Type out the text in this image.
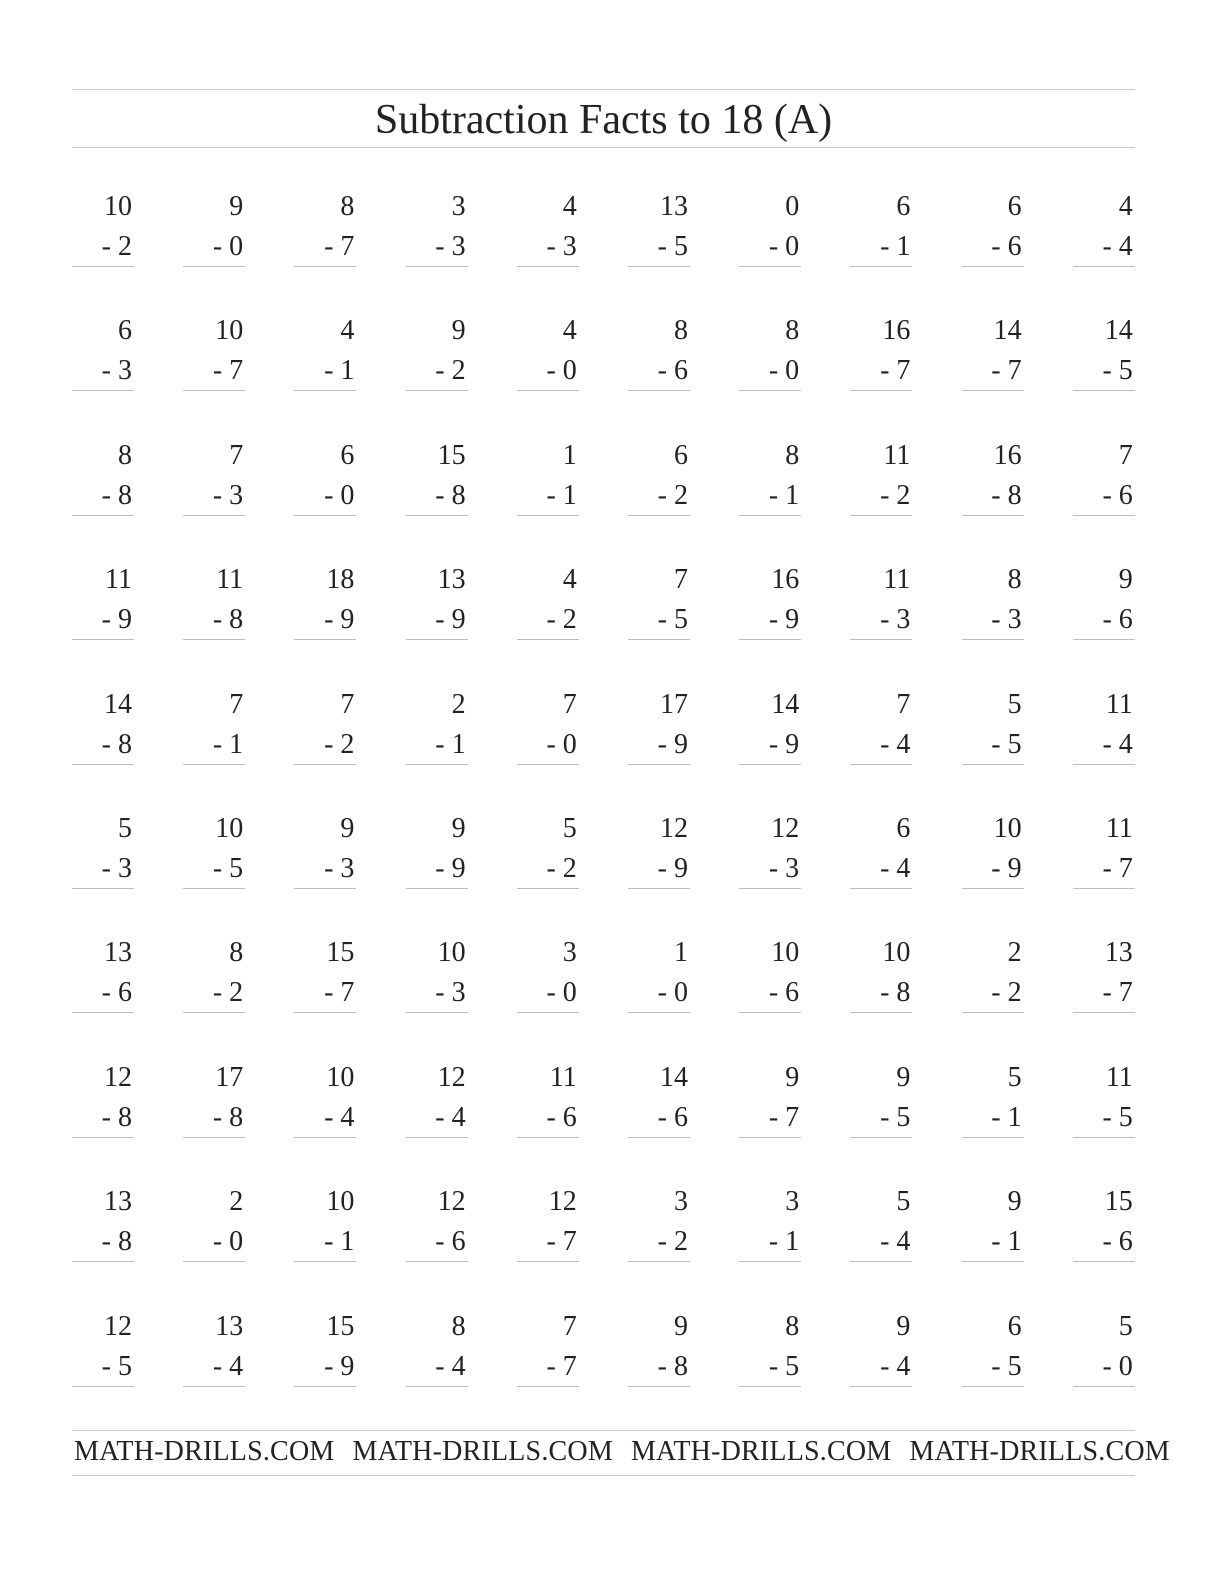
Subtraction Facts to 18 (A)
10
- 2
9
- 0
8
- 7
3
- 3
4
- 3
13
- 5
0
- 0
6
- 1
6
- 6
4
- 4
6
- 3
10
- 7
4
- 1
9
- 2
4
- 0
8
- 6
8
- 0
16
- 7
14
- 7
14
- 5
8
- 8
7
- 3
6
- 0
15
- 8
1
- 1
6
- 2
8
- 1
11
- 2
16
- 8
7
- 6
11
- 9
11
- 8
18
- 9
13
- 9
4
- 2
7
- 5
16
- 9
11
- 3
8
- 3
9
- 6
14
- 8
7
- 1
7
- 2
2
- 1
7
- 0
17
- 9
14
- 9
7
- 4
5
- 5
11
- 4
5
- 3
10
- 5
9
- 3
9
- 9
5
- 2
12
- 9
12
- 3
6
- 4
10
- 9
11
- 7
13
- 6
8
- 2
15
- 7
10
- 3
3
- 0
1
- 0
10
- 6
10
- 8
2
- 2
13
- 7
12
- 8
17
- 8
10
- 4
12
- 4
11
- 6
14
- 6
9
- 7
9
- 5
5
- 1
11
- 5
13
- 8
2
- 0
10
- 1
12
- 6
12
- 7
3
- 2
3
- 1
5
- 4
9
- 1
15
- 6
12
- 5
13
- 4
15
- 9
8
- 4
7
- 7
9
- 8
8
- 5
9
- 4
6
- 5
5
- 0
MATH-DRILLS.COM MATH-DRILLS.COM MATH-DRILLS.COM MATH-DRILLS.COM
